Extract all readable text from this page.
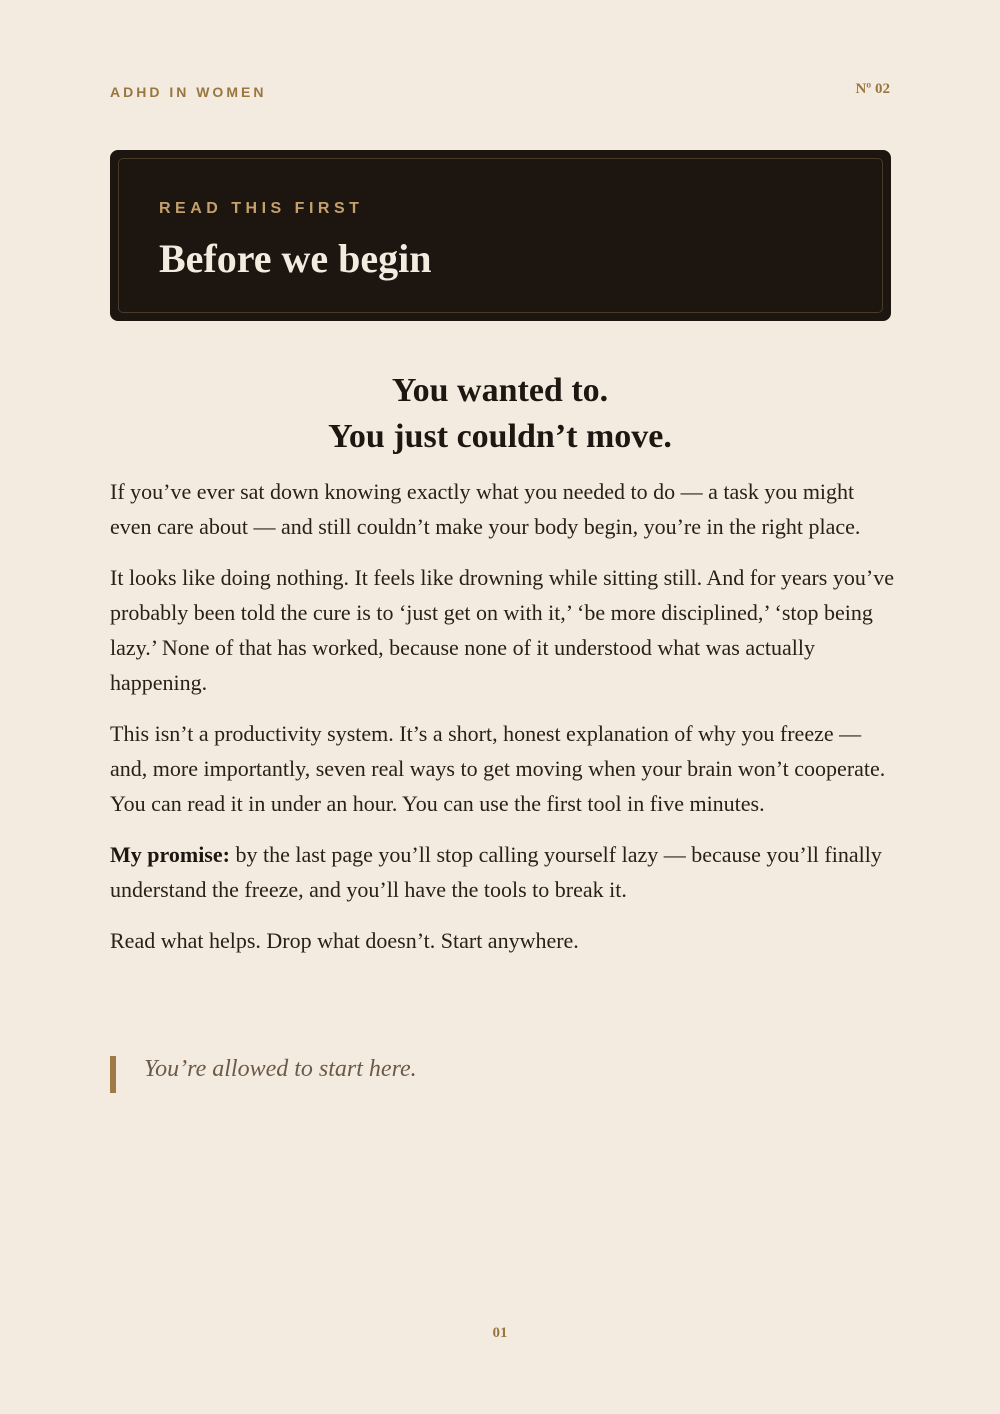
ADHD IN WOMEN	Nº 02

READ THIS FIRST

Before we begin
You wanted to.
You just couldn’t move.

If you’ve ever sat down knowing exactly what you needed to do — a task you might even care about — and still couldn’t make your body begin, you’re in the right place.

It looks like doing nothing. It feels like drowning while sitting still. And for years you’ve probably been told the cure is to ‘just get on with it,’ ‘be more disciplined,’ ‘stop being lazy.’ None of that has worked, because none of it understood what was actually happening.

This isn’t a productivity system. It’s a short, honest explanation of why you freeze — and, more importantly, seven real ways to get moving when your brain won’t cooperate. You can read it in under an hour. You can use the first tool in five minutes.

My promise: by the last page you’ll stop calling yourself lazy — because you’ll finally understand the freeze, and you’ll have the tools to break it.

Read what helps. Drop what doesn’t. Start anywhere.

You’re allowed to start here.

01
